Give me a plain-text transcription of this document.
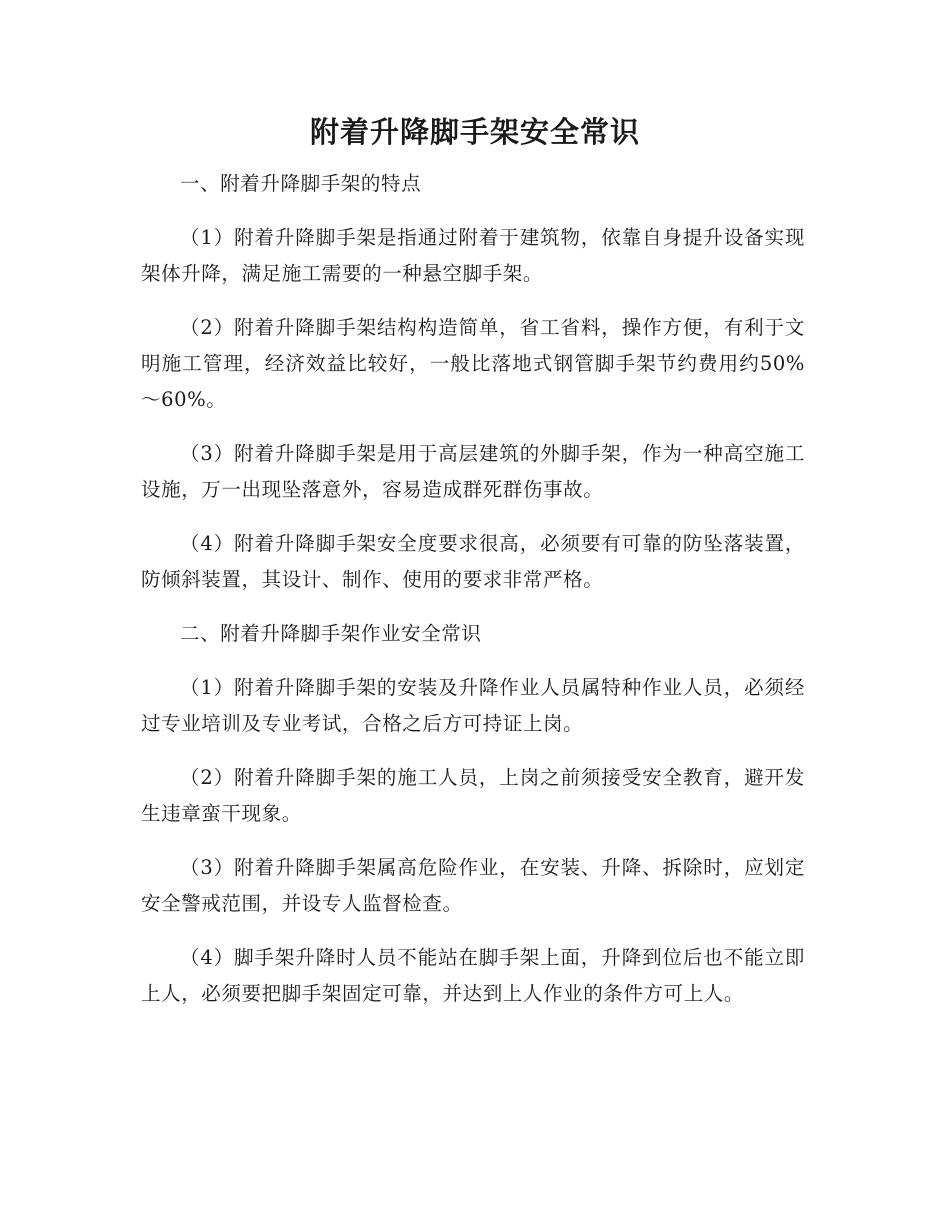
附着升降脚手架安全常识

一、附着升降脚手架的特点

（1）附着升降脚手架是指通过附着于建筑物，依靠自身提升设备实现架体升降，满足施工需要的一种悬空脚手架。

（2）附着升降脚手架结构构造简单，省工省料，操作方便，有利于文明施工管理，经济效益比较好，一般比落地式钢管脚手架节约费用约50%～60%。

（3）附着升降脚手架是用于高层建筑的外脚手架，作为一种高空施工设施，万一出现坠落意外，容易造成群死群伤事故。

（4）附着升降脚手架安全度要求很高，必须要有可靠的防坠落装置，防倾斜装置，其设计、制作、使用的要求非常严格。

二、附着升降脚手架作业安全常识

（1）附着升降脚手架的安装及升降作业人员属特种作业人员，必须经过专业培训及专业考试，合格之后方可持证上岗。

（2）附着升降脚手架的施工人员，上岗之前须接受安全教育，避开发生违章蛮干现象。

（3）附着升降脚手架属高危险作业，在安装、升降、拆除时，应划定安全警戒范围，并设专人监督检查。

（4）脚手架升降时人员不能站在脚手架上面，升降到位后也不能立即上人，必须要把脚手架固定可靠，并达到上人作业的条件方可上人。
